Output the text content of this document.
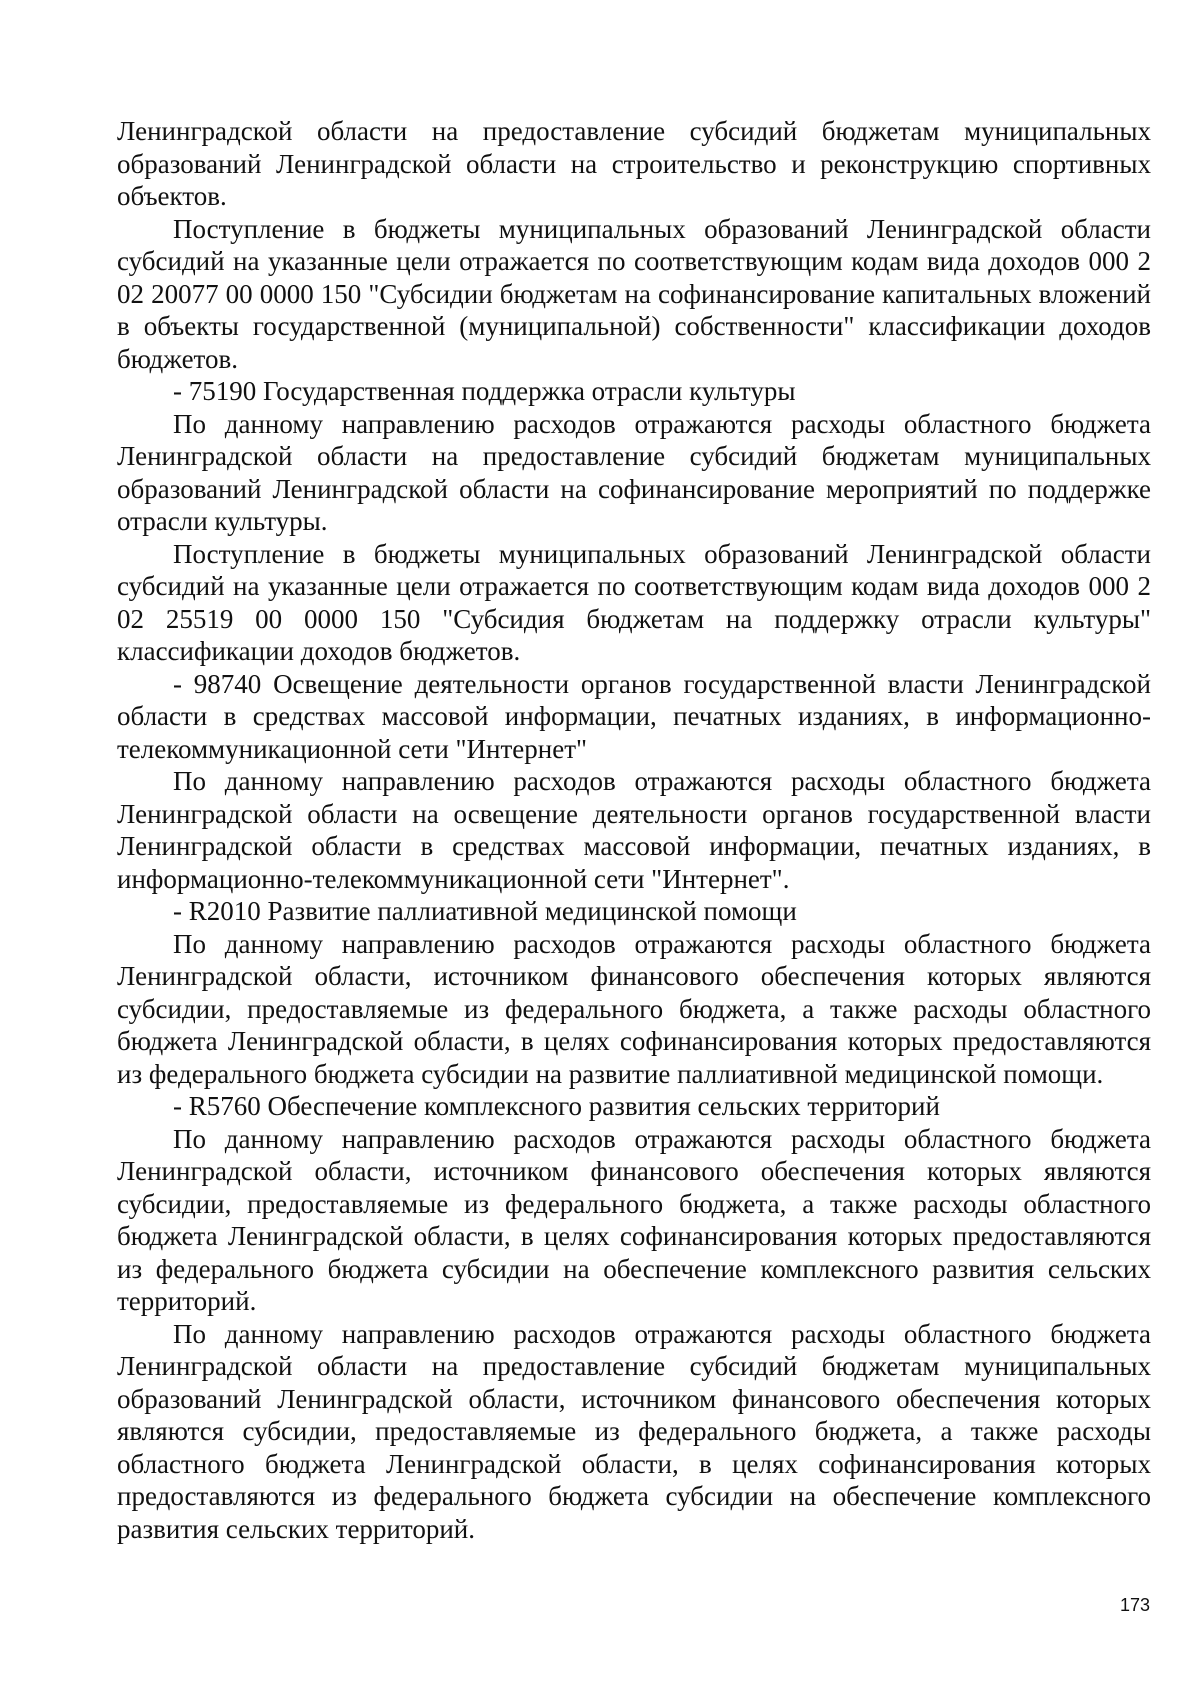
Ленинградской области на предоставление субсидий бюджетам муниципальных образований Ленинградской области на строительство и реконструкцию спортивных объектов.

Поступление в бюджеты муниципальных образований Ленинградской области субсидий на указанные цели отражается по соответствующим кодам вида доходов 000 2 02 20077 00 0000 150 "Субсидии бюджетам на софинансирование капитальных вложений в объекты государственной (муниципальной) собственности" классификации доходов бюджетов.

- 75190 Государственная поддержка отрасли культуры

По данному направлению расходов отражаются расходы областного бюджета Ленинградской области на предоставление субсидий бюджетам муниципальных образований Ленинградской области на софинансирование мероприятий по поддержке отрасли культуры.

Поступление в бюджеты муниципальных образований Ленинградской области субсидий на указанные цели отражается по соответствующим кодам вида доходов 000 2 02 25519 00 0000 150 "Субсидия бюджетам на поддержку отрасли культуры" классификации доходов бюджетов.

- 98740 Освещение деятельности органов государственной власти Ленинградской области в средствах массовой информации, печатных изданиях, в информационно-телекоммуникационной сети "Интернет"

По данному направлению расходов отражаются расходы областного бюджета Ленинградской области на освещение деятельности органов государственной власти Ленинградской области в средствах массовой информации, печатных изданиях, в информационно-телекоммуникационной сети "Интернет".

- R2010 Развитие паллиативной медицинской помощи

По данному направлению расходов отражаются расходы областного бюджета Ленинградской области, источником финансового обеспечения которых являются субсидии, предоставляемые из федерального бюджета, а также расходы областного бюджета Ленинградской области, в целях софинансирования которых предоставляются из федерального бюджета субсидии на развитие паллиативной медицинской помощи.

- R5760 Обеспечение комплексного развития сельских территорий

По данному направлению расходов отражаются расходы областного бюджета Ленинградской области, источником финансового обеспечения которых являются субсидии, предоставляемые из федерального бюджета, а также расходы областного бюджета Ленинградской области, в целях софинансирования которых предоставляются из федерального бюджета субсидии на обеспечение комплексного развития сельских территорий.

По данному направлению расходов отражаются расходы областного бюджета Ленинградской области на предоставление субсидий бюджетам муниципальных образований Ленинградской области, источником финансового обеспечения которых являются субсидии, предоставляемые из федерального бюджета, а также расходы областного бюджета Ленинградской области, в целях софинансирования которых предоставляются из федерального бюджета субсидии на обеспечение комплексного развития сельских территорий.

173
